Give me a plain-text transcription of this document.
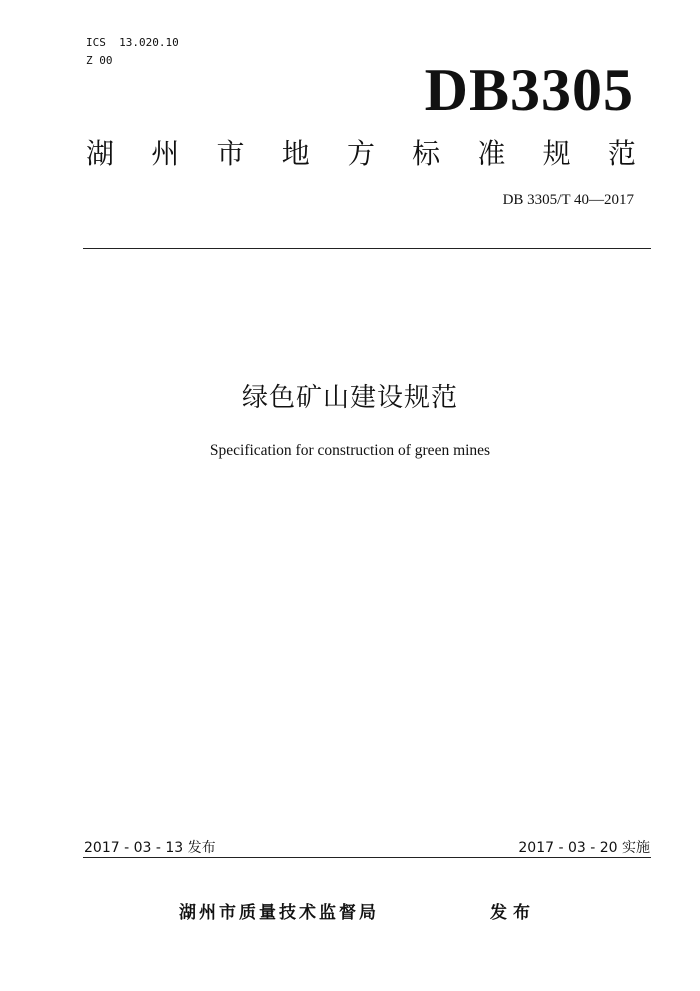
ICS  13.020.10
Z 00	DB3305
湖 州 市 地 方 标 准 规 范
DB 3305/T 40—2017
绿色矿山建设规范
Specification for construction of green mines
2017 - 03 - 13 发布	2017 - 03 - 20 实施
湖州市质量技术监督局	发布
